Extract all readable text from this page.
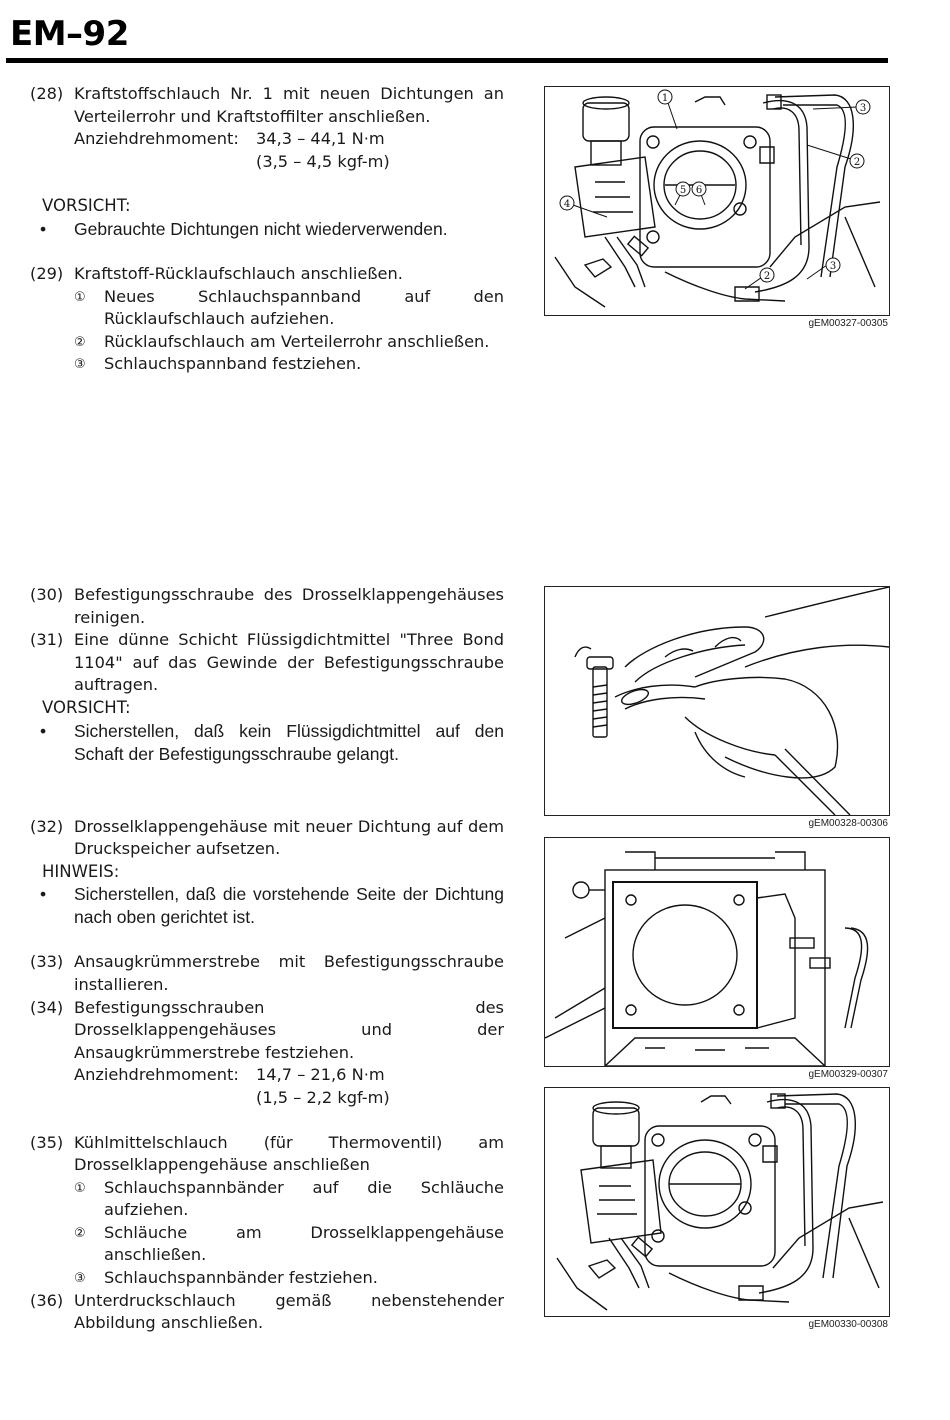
EM–92
(28) Kraftstoffschlauch Nr. 1 mit neuen Dichtungen an Verteilerrohr und Kraftstoffilter anschließen.
Anziehdrehmoment:	34,3 – 44,1 N·m
(3,5 – 4,5 kgf-m)
VORSICHT:
•	Gebrauchte Dichtungen nicht wiederverwenden.
(29) Kraftstoff-Rücklaufschlauch anschließen.
①	Neues Schlauchspannband auf den Rücklaufschlauch aufziehen.
②	Rücklaufschlauch am Verteilerrohr anschließen.
③	Schlauchspannband festziehen.
(30) Befestigungsschraube des Drosselklappengehäuses reinigen.
(31) Eine dünne Schicht Flüssigdichtmittel "Three Bond 1104" auf das Gewinde der Befestigungsschraube auftragen.
VORSICHT:
•	Sicherstellen, daß kein Flüssigdichtmittel auf den Schaft der Befestigungsschraube gelangt.
(32) Drosselklappengehäuse mit neuer Dichtung auf dem Druckspeicher aufsetzen.
HINWEIS:
•	Sicherstellen, daß die vorstehende Seite der Dichtung nach oben gerichtet ist.
(33) Ansaugkrümmerstrebe mit Befestigungsschraube installieren.
(34) Befestigungsschrauben des Drosselklappengehäuses und der Ansaugkrümmerstrebe festziehen.
Anziehdrehmoment:	14,7 – 21,6 N·m
(1,5 – 2,2 kgf-m)
(35) Kühlmittelschlauch (für Thermoventil) am Drosselklappengehäuse anschließen
①	Schlauchspannbänder auf die Schläuche aufziehen.
②	Schläuche am Drosselklappengehäuse anschließen.
③	Schlauchspannbänder festziehen.
(36) Unterdruckschlauch gemäß nebenstehender Abbildung anschließen.
1
3
2
4
5 6
2
3
gEM00327-00305
gEM00328-00306
gEM00329-00307
gEM00330-00308
